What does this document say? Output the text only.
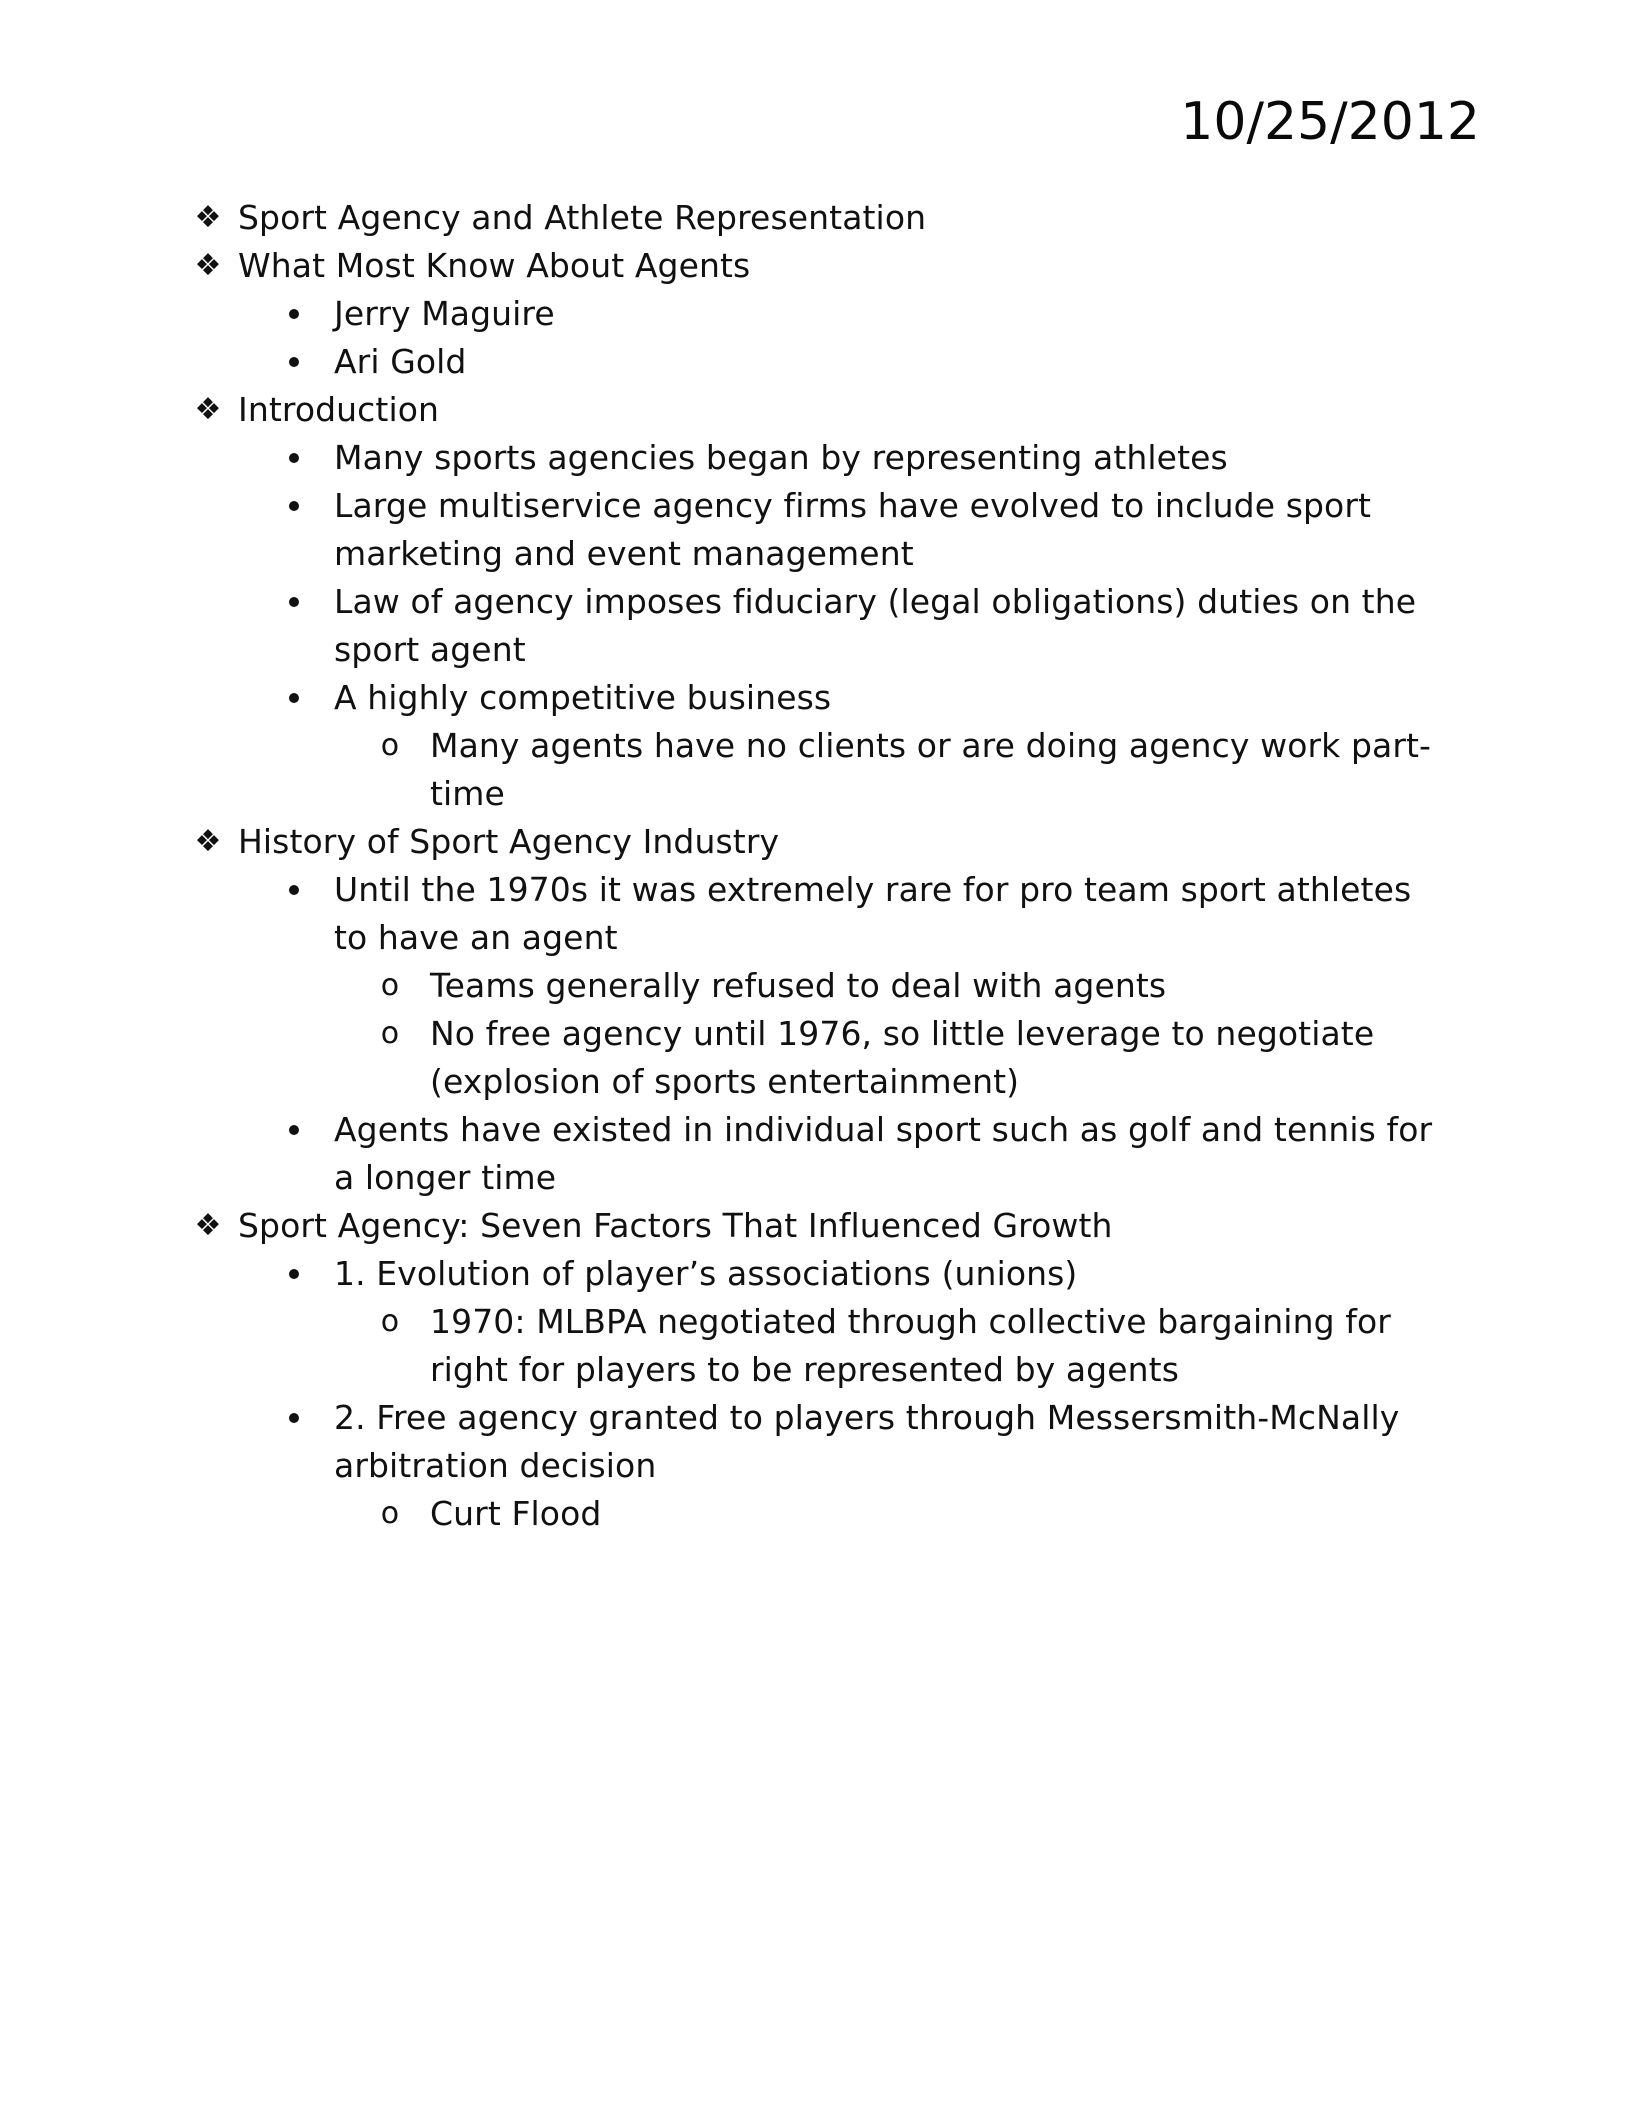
10/25/2012
❖ Sport Agency and Athlete Representation
❖ What Most Know About Agents
Jerry Maguire
Ari Gold
❖ Introduction
Many sports agencies began by representing athletes
Large multiservice agency firms have evolved to include sport marketing and event management
Law of agency imposes fiduciary (legal obligations) duties on the sport agent
A highly competitive business
o Many agents have no clients or are doing agency work part-time
❖ History of Sport Agency Industry
Until the 1970s it was extremely rare for pro team sport athletes to have an agent
o Teams generally refused to deal with agents
o No free agency until 1976, so little leverage to negotiate (explosion of sports entertainment)
Agents have existed in individual sport such as golf and tennis for a longer time
❖ Sport Agency: Seven Factors That Influenced Growth
1. Evolution of player’s associations (unions)
o 1970: MLBPA negotiated through collective bargaining for right for players to be represented by agents
2. Free agency granted to players through Messersmith-McNally arbitration decision
o Curt Flood
